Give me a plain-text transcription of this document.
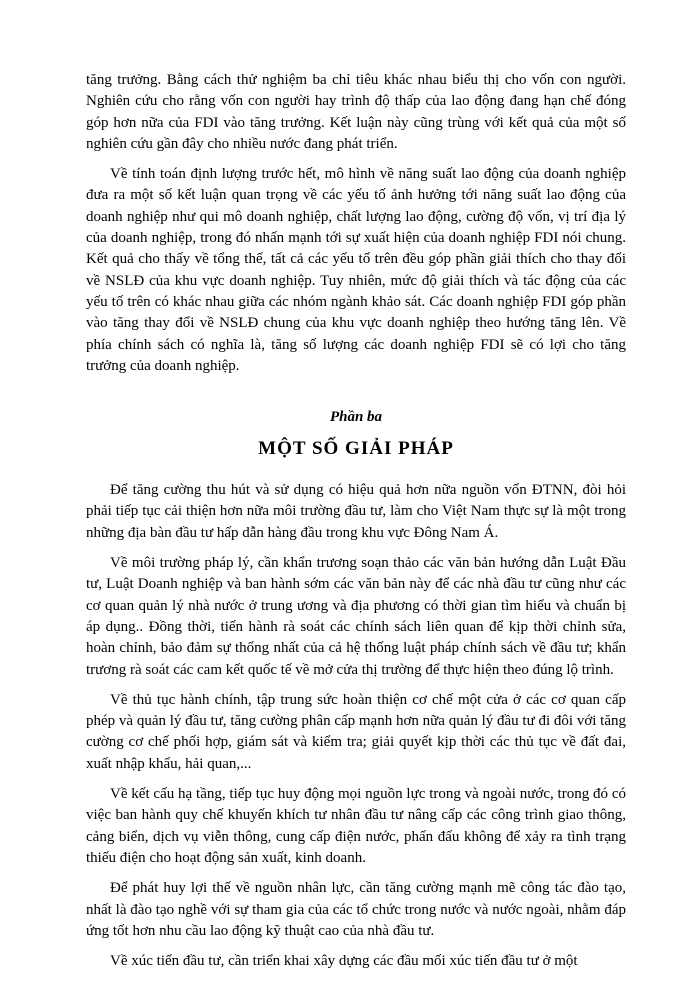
tăng trưởng. Bằng cách thử nghiệm ba chỉ tiêu khác nhau biểu thị cho vốn con người. Nghiên cứu cho rằng vốn con người hay trình độ thấp của lao động đang hạn chế đóng góp hơn nữa của FDI vào tăng trưởng. Kết luận này cũng trùng với kết quả của một số nghiên cứu gần đây cho nhiều nước đang phát triển.

Về tính toán định lượng trước hết, mô hình về năng suất lao động của doanh nghiệp đưa ra một số kết luận quan trọng về các yếu tố ảnh hưởng tới năng suất lao động của doanh nghiệp như qui mô doanh nghiệp, chất lượng lao động, cường độ vốn, vị trí địa lý của doanh nghiệp, trong đó nhấn mạnh tới sự xuất hiện của doanh nghiệp FDI nói chung. Kết quả cho thấy về tổng thể, tất cả các yếu tố trên đều góp phần giải thích cho thay đổi về NSLĐ của khu vực doanh nghiệp. Tuy nhiên, mức độ giải thích và tác động của các yếu tố trên có khác nhau giữa các nhóm ngành khảo sát. Các doanh nghiệp FDI góp phần vào tăng thay đổi về NSLĐ chung của khu vực doanh nghiệp theo hướng tăng lên. Về phía chính sách có nghĩa là, tăng số lượng các doanh nghiệp FDI sẽ có lợi cho tăng trưởng của doanh nghiệp.

Phần ba
MỘT SỐ GIẢI PHÁP

Để tăng cường thu hút và sử dụng có hiệu quả hơn nữa nguồn vốn ĐTNN, đòi hỏi phải tiếp tục cải thiện hơn nữa môi trường đầu tư, làm cho Việt Nam thực sự là một trong những địa bàn đầu tư hấp dẫn hàng đầu trong khu vực Đông Nam Á.

Về môi trường pháp lý, cần khẩn trương soạn thảo các văn bản hướng dẫn Luật Đầu tư, Luật Doanh nghiệp và ban hành sớm các văn bản này để các nhà đầu tư cũng như các cơ quan quản lý nhà nước ở trung ương và địa phương có thời gian tìm hiểu và chuẩn bị áp dụng.. Đồng thời, tiến hành rà soát các chính sách liên quan để kịp thời chỉnh sửa, hoàn chỉnh, bảo đảm sự thống nhất của cả hệ thống luật pháp chính sách về đầu tư; khẩn trương rà soát các cam kết quốc tế về mở cửa thị trường để thực hiện theo đúng lộ trình.

Về thủ tục hành chính, tập trung sức hoàn thiện cơ chế một cửa ở các cơ quan cấp phép và quản lý đầu tư, tăng cường phân cấp mạnh hơn nữa quản lý đầu tư đi đôi với tăng cường cơ chế phối hợp, giám sát và kiểm tra; giải quyết kịp thời các thủ tục về đất đai, xuất nhập khẩu, hải quan,...

Về kết cấu hạ tầng, tiếp tục huy động mọi nguồn lực trong và ngoài nước, trong đó có việc ban hành quy chế khuyến khích tư nhân đầu tư nâng cấp các công trình giao thông, cảng biển, dịch vụ viễn thông, cung cấp điện nước, phấn đấu không để xảy ra tình trạng thiếu điện cho hoạt động sản xuất, kinh doanh.

Để phát huy lợi thế về nguồn nhân lực, cần tăng cường mạnh mẽ công tác đào tạo, nhất là đào tạo nghề với sự tham gia của các tổ chức trong nước và nước ngoài, nhằm đáp ứng tốt hơn nhu cầu lao động kỹ thuật cao của nhà đầu tư.

Về xúc tiến đầu tư, cần triển khai xây dựng các đầu mối xúc tiến đầu tư ở một
